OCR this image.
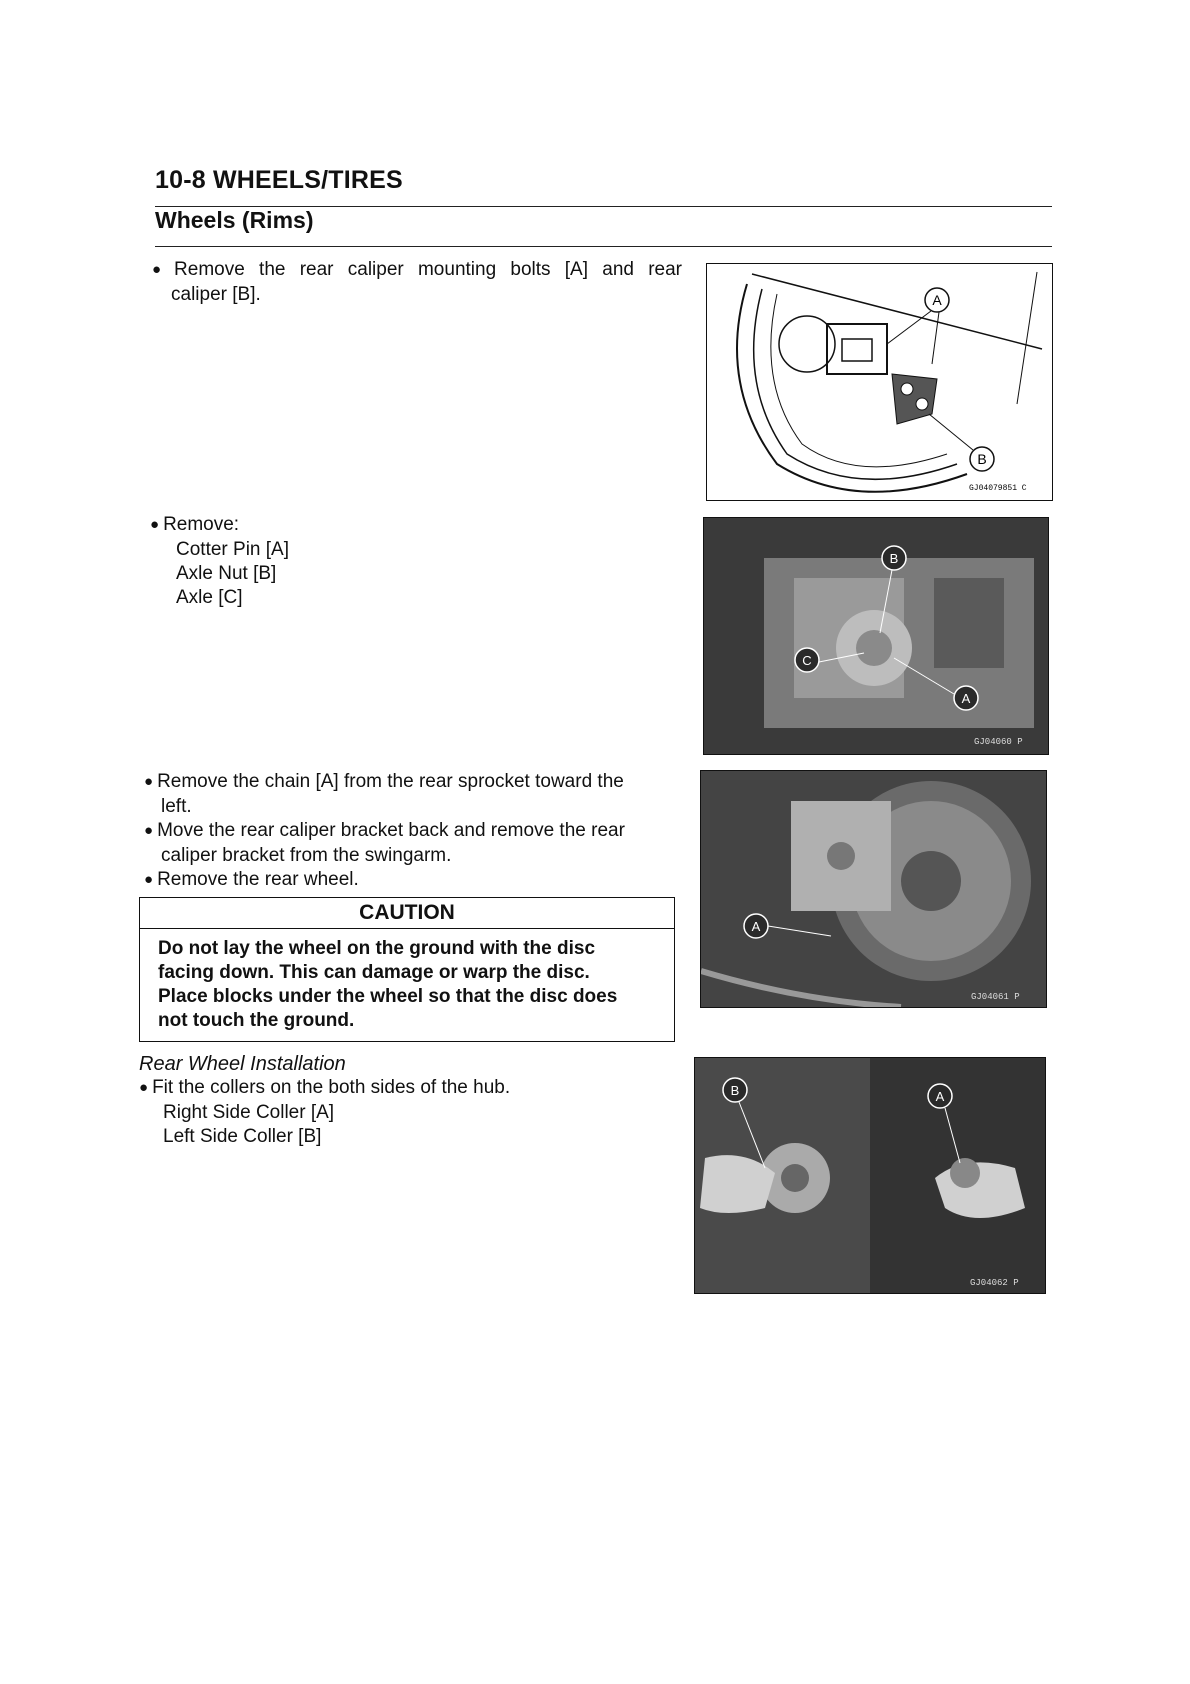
10-8 WHEELS/TIRES
Wheels (Rims)
● Remove the rear caliper mounting bolts [A] and rear
caliper [B].	A
B
GJ04079851 C
● Remove:
Cotter Pin [A]
Axle Nut [B]
Axle [C]
B
C
A
GJ04060 P
● Remove the chain [A] from the rear sprocket toward the
left.
● Move the rear caliper bracket back and remove the rear
caliper bracket from the swingarm.
● Remove the rear wheel.
A
GJ04061 P
CAUTION
Do not lay the wheel on the ground with the disc
facing down. This can damage or warp the disc.
Place blocks under the wheel so that the disc does
not touch the ground.
Rear Wheel Installation
● Fit the collers on the both sides of the hub.
Right Side Coller [A]
Left Side Coller [B]
B	A
GJ04062 P
